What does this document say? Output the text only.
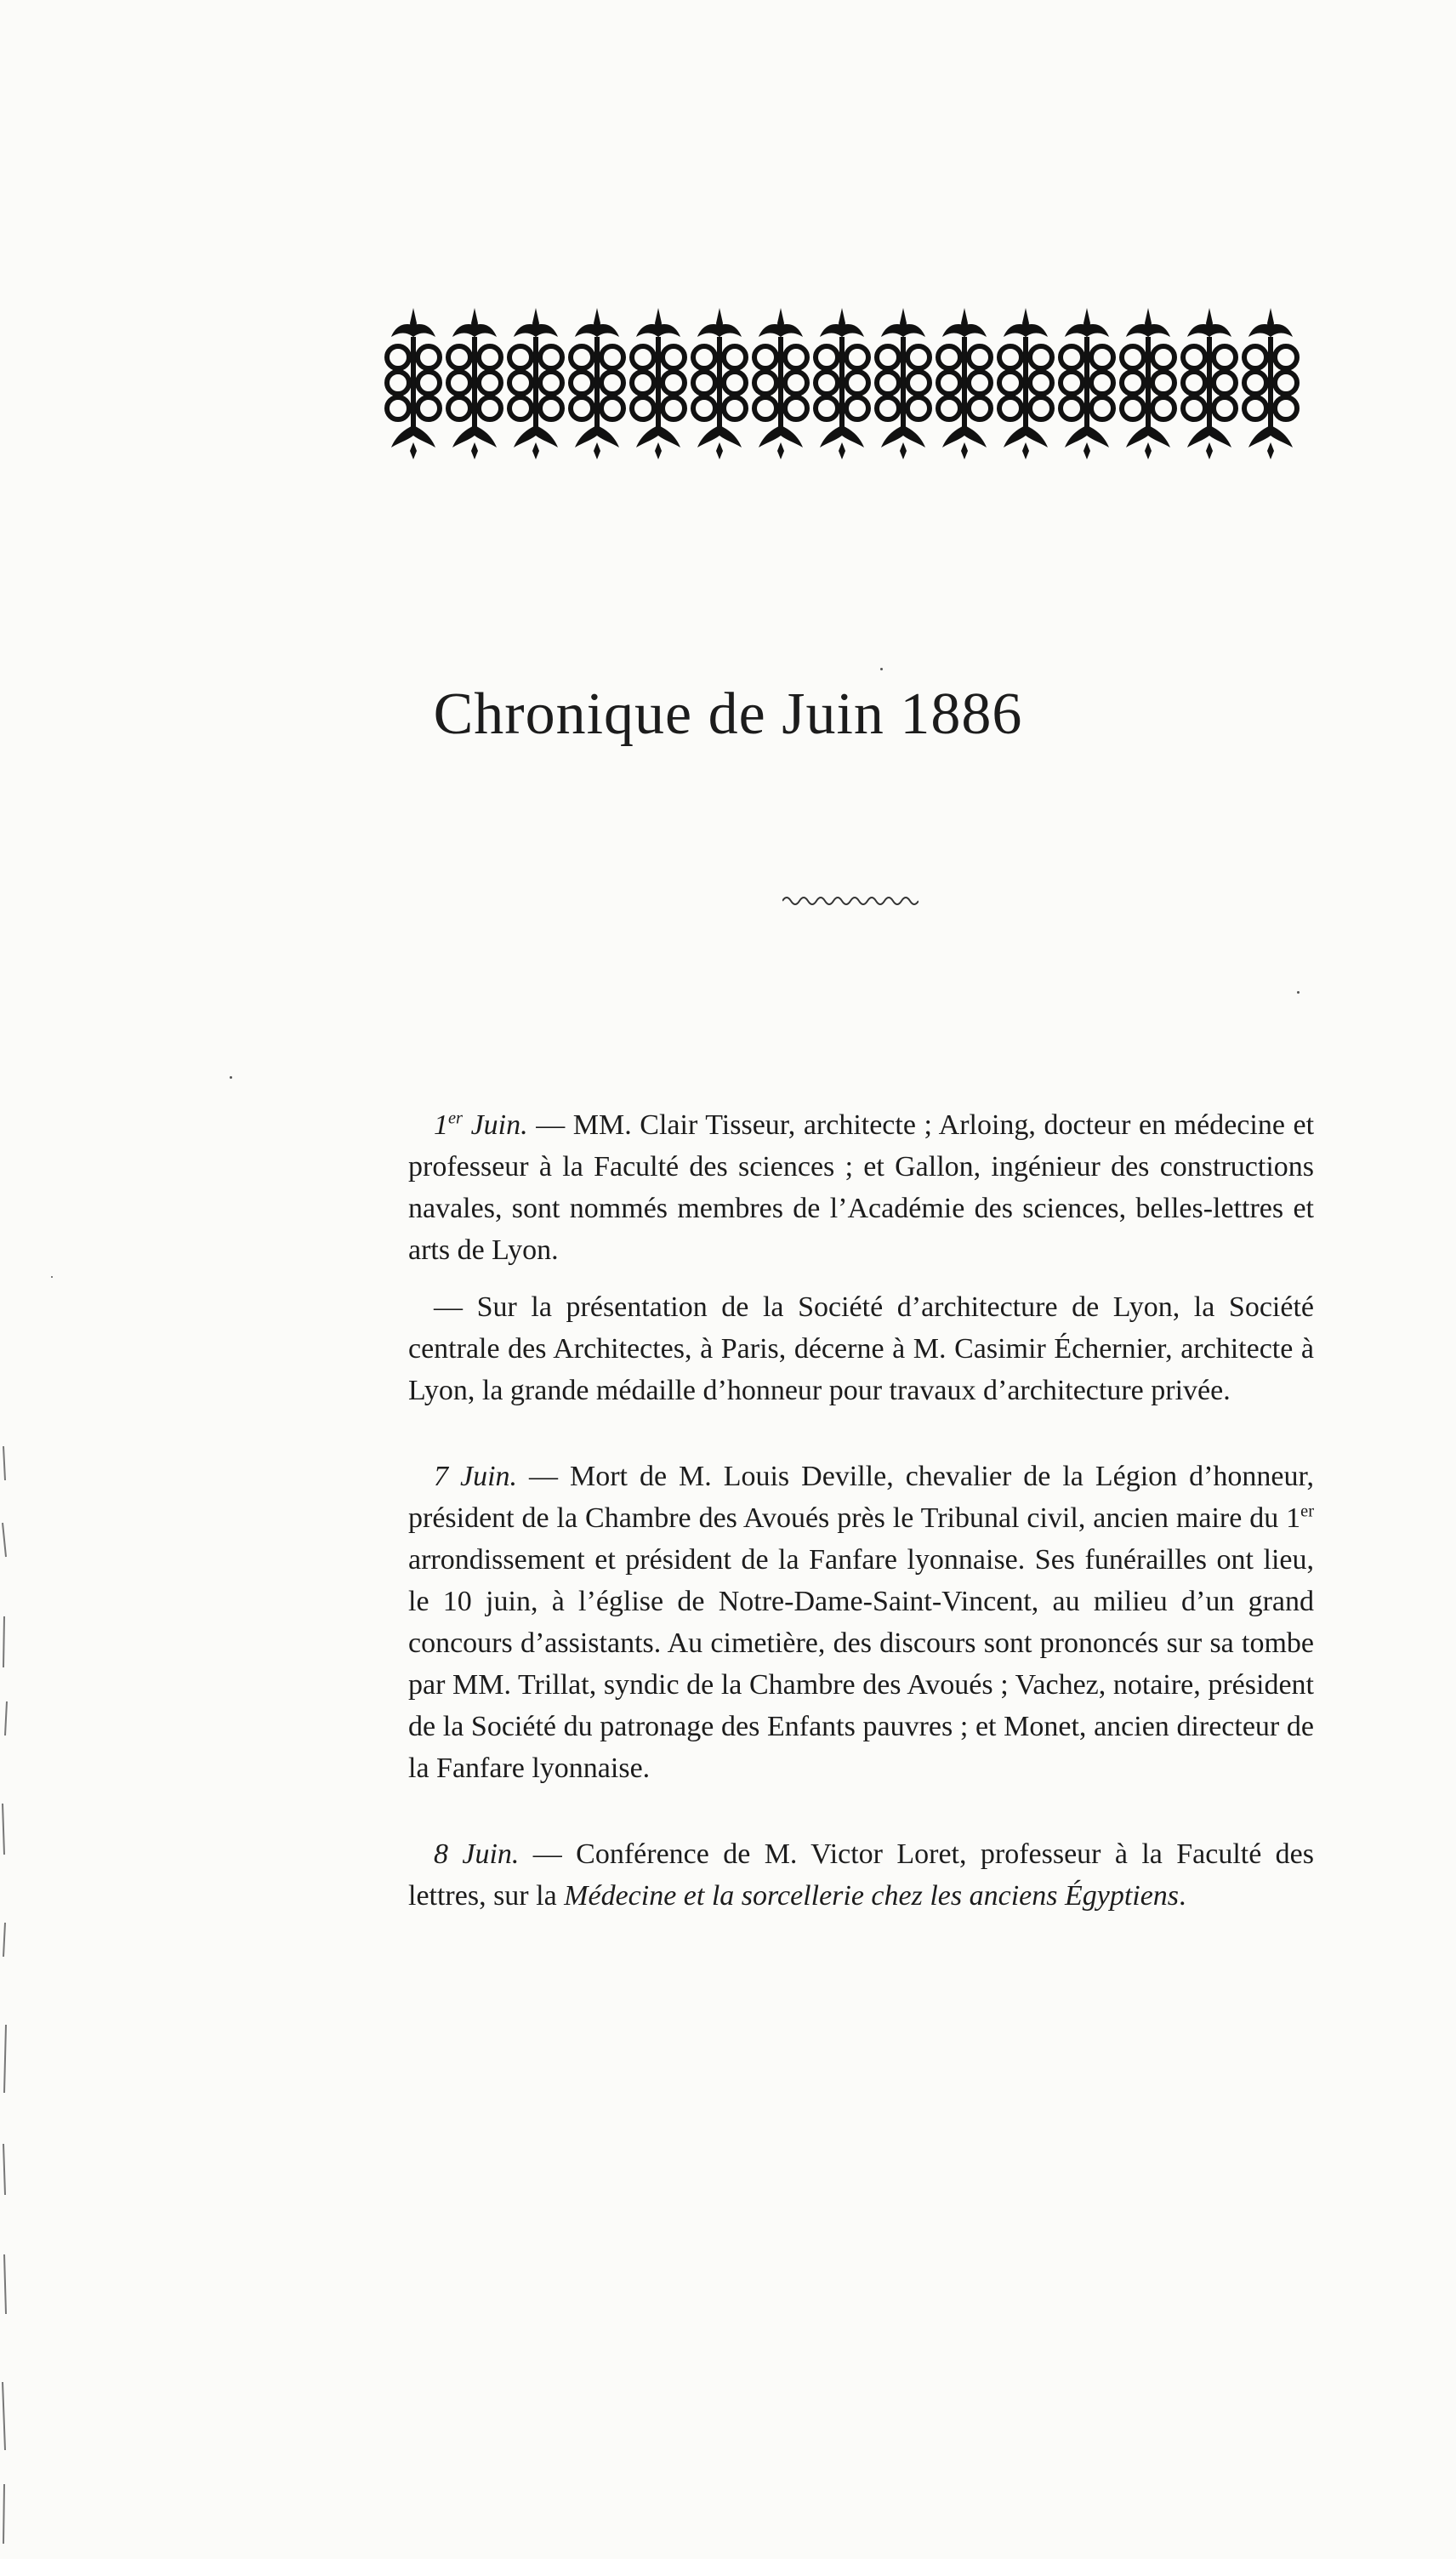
Chronique de Juin 1886

1er Juin. — MM. Clair Tisseur, architecte ; Arloing, docteur en médecine et professeur à la Faculté des sciences ; et Gallon, ingénieur des constructions navales, sont nommés membres de l’Académie des sciences, belles-lettres et arts de Lyon.

— Sur la présentation de la Société d’architecture de Lyon, la Société centrale des Architectes, à Paris, décerne à M. Casimir Échernier, architecte à Lyon, la grande médaille d’honneur pour travaux d’architecture privée.

7 Juin. — Mort de M. Louis Deville, chevalier de la Légion d’honneur, président de la Chambre des Avoués près le Tribunal civil, ancien maire du 1er arrondissement et président de la Fanfare lyonnaise. Ses funérailles ont lieu, le 10 juin, à l’église de Notre-Dame-Saint-Vincent, au milieu d’un grand concours d’assistants. Au cimetière, des discours sont prononcés sur sa tombe par MM. Trillat, syndic de la Chambre des Avoués ; Vachez, notaire, président de la Société du patronage des Enfants pauvres ; et Monet, ancien directeur de la Fanfare lyonnaise.

8 Juin. — Conférence de M. Victor Loret, professeur à la Faculté des lettres, sur la Médecine et la sorcellerie chez les anciens Égyptiens.
